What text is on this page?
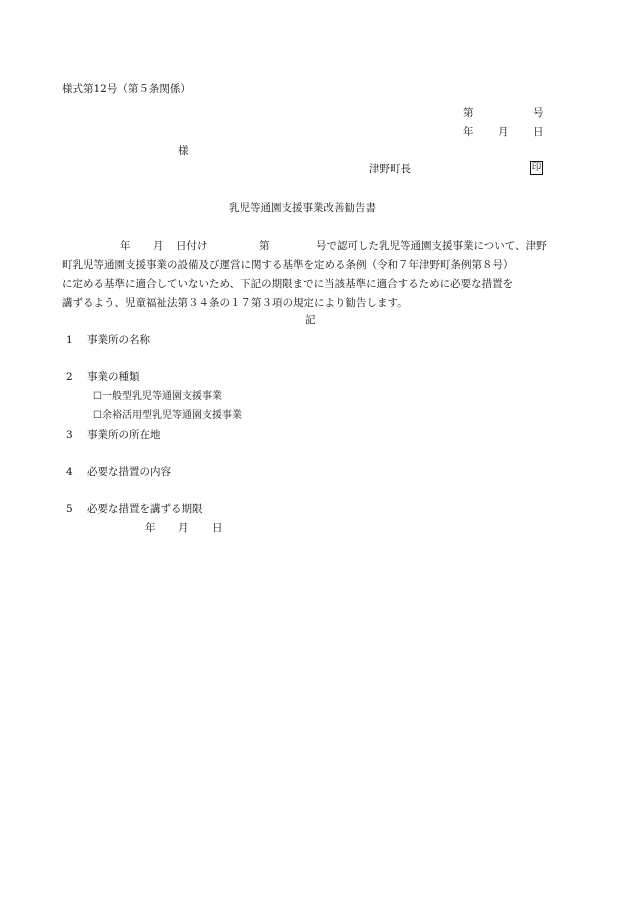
様式第12号（第５条関係）
第	号
年 月 日
様
津野町長	印
乳児等通園支援事業改善勧告書
年 月 日付け	第	号で認可した乳児等通園支援事業について、津野
町乳児等通園支援事業の設備及び運営に関する基準を定める条例（令和７年津野町条例第８号）
に定める基準に適合していないため、下記の期限までに当該基準に適合するために必要な措置を
講ずるよう、児童福祉法第３４条の１７第３項の規定により勧告します。
記
1 事業所の名称
2 事業の種類
☐一般型乳児等通園支援事業
☐余裕活用型乳児等通園支援事業
3 事業所の所在地
4 必要な措置の内容
5 必要な措置を講ずる期限
年 月 日
